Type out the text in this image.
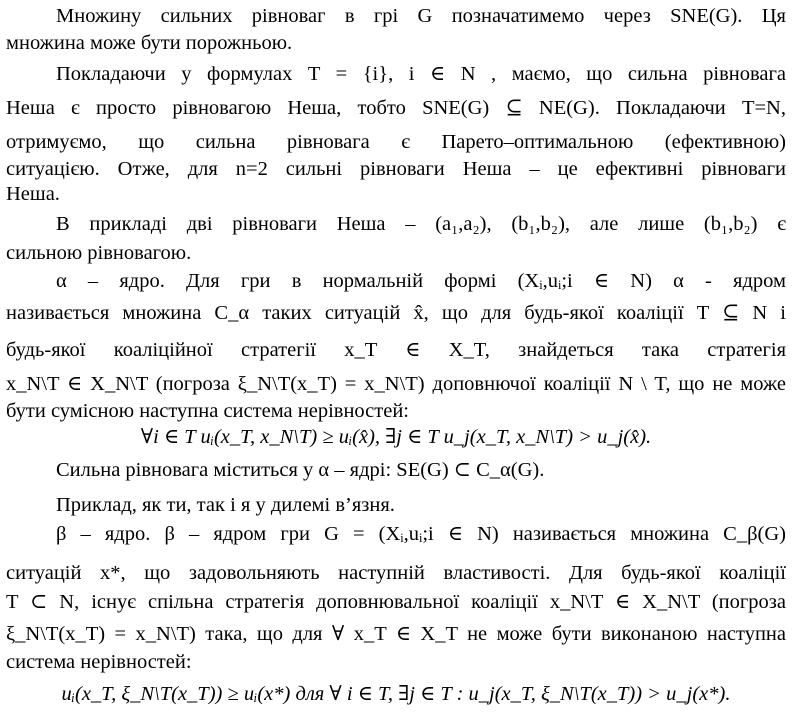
Множину сильних рівноваг в грі G позначатимемо через SNE(G). Ця
множина може бути порожньою.
Покладаючи у формулах T = {i}, i ∈ N , маємо, що сильна рівновага
Неша є просто рівновагою Неша, тобто SNE(G) ⊆ NE(G). Покладаючи T=N,
отримуємо, що сильна рівновага є Парето–оптимальною (ефективною)
ситуацією. Отже, для n=2 сильні рівноваги Неша – це ефективні рівноваги
Неша.
В прикладі дві рівноваги Неша – (a₁,a₂), (b₁,b₂), але лише (b₁,b₂) є
сильною рівновагою.
α – ядро. Для гри в нормальній формі (Xᵢ,uᵢ;i ∈ N) α - ядром
називається множина C_α таких ситуацій x̂, що для будь-якої коаліції T ⊆ N і
будь-якої коаліційної стратегії x_T ∈ X_T, знайдеться така стратегія
x_N\T ∈ X_N\T (погроза ξ_N\T(x_T) = x_N\T) доповнючої коаліції N \ T, що не може
бути сумісною наступна система нерівностей:
∀i ∈ T uᵢ(x_T, x_N\T) ≥ uᵢ(x̂), ∃j ∈ T u_j(x_T, x_N\T) > u_j(x̂).
Сильна рівновага міститься у α – ядрі: SE(G) ⊂ C_α(G).
Приклад, як ти, так і я у дилемі в’язня.
β – ядро. β – ядром гри G = (Xᵢ,uᵢ;i ∈ N) називається множина C_β(G)
ситуацій x*, що задовольняють наступній властивості. Для будь-якої коаліції
T ⊂ N, існує спільна стратегія доповнювальної коаліції x_N\T ∈ X_N\T (погроза
ξ_N\T(x_T) = x_N\T) така, що для ∀ x_T ∈ X_T не може бути виконаною наступна
система нерівностей:
uᵢ(x_T, ξ_N\T(x_T)) ≥ uᵢ(x*) для ∀ i ∈ T, ∃j ∈ T : u_j(x_T, ξ_N\T(x_T)) > u_j(x*).
